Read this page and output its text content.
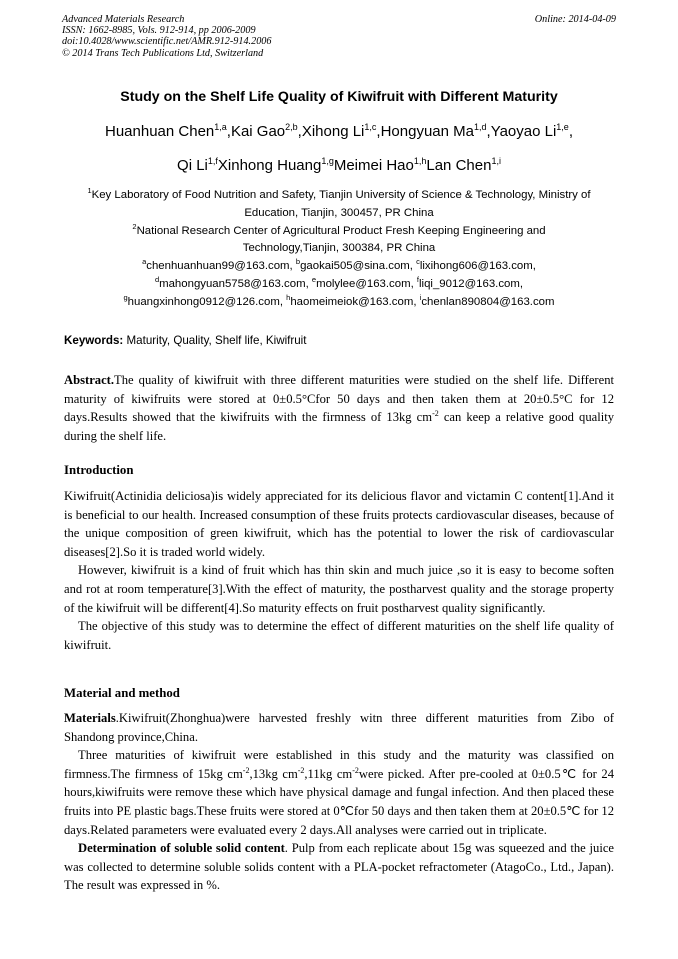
Advanced Materials Research
ISSN: 1662-8985, Vols. 912-914, pp 2006-2009
doi:10.4028/www.scientific.net/AMR.912-914.2006
© 2014 Trans Tech Publications Ltd, Switzerland
Online: 2014-04-09
Study on the Shelf Life Quality of Kiwifruit with Different Maturity
Huanhuan Chen$^{1,a}$,Kai Gao$^{2,b}$,Xihong Li$^{1,c}$,Hongyuan Ma$^{1,d}$,Yaoyao Li$^{1,e}$,
Qi Li$^{1,f}$Xinhong Huang$^{1,g}$Meimei Hao$^{1,h}$Lan Chen$^{1,i}$
$^1$Key Laboratory of Food Nutrition and Safety, Tianjin University of Science & Technology, Ministry of
Education, Tianjin, 300457, PR China
$^2$National Research Center of Agricultural Product Fresh Keeping Engineering and
Technology,Tianjin, 300384, PR China
$^a$chenhuanhuan99@163.com, $^b$gaokai505@sina.com, $^c$lixihong606@163.com,
$^d$mahongyuan5758@163.com, $^e$molylee@163.com, $^f$liqi_9012@163.com,
$^g$huangxinhong0912@126.com, $^h$haomeimeiok@163.com, $^i$chenlan890804@163.com
Keywords: Maturity, Quality, Shelf life, Kiwifruit

Abstract.The quality of kiwifruit with three different maturities were studied on the shelf life. Different maturity of kiwifruits were stored at 0±0.5°Cfor 50 days and then taken them at 20±0.5°C for 12 days.Results showed that the kiwifruits with the firmness of 13kg $cm^{-2}$ can keep a relative good quality during the shelf life.

Introduction

Kiwifruit(Actinidia deliciosa)is widely appreciated for its delicious flavor and victamin C content[1].And it is beneficial to our health. Increased consumption of these fruits protects cardiovascular diseases, because of the unique composition of green kiwifruit, which has the potential to lower the risk of cardiovascular diseases[2].So it is traded world widely.

However, kiwifruit is a kind of fruit which has thin skin and much juice ,so it is easy to become soften and rot at room temperature[3].With the effect of maturity, the postharvest quality and the storage property of the kiwifruit will be different[4].So maturity effects on fruit postharvest quality significantly.

The objective of this study was to determine the effect of different maturities on the shelf life quality of kiwifruit.

Material and method

Materials.Kiwifruit(Zhonghua)were harvested freshly witn three different maturities from Zibo of Shandong province,China.

Three maturities of kiwifruit were established in this study and the maturity was classified on firmness.The firmness of 15kg $cm^{-2},13kg$ $cm^{-2},11kg$ $cm^{-2}were$ picked. After pre-cooled at 0±0.5℃ for 24 hours,kiwifruits were remove these which have physical damage and fungal infection. And then placed these fruits into PE plastic bags.These fruits were stored at 0℃for 50 days and then taken them at 20±0.5℃ for 12 days.Related parameters were evaluated every 2 days.All analyses were carried out in triplicate.

Determination of soluble solid content. Pulp from each replicate about 15g was squeezed and the juice was collected to determine soluble solids content with a PLA-pocket refractometer (AtagoCo., Ltd., Japan). The result was expressed in %.
